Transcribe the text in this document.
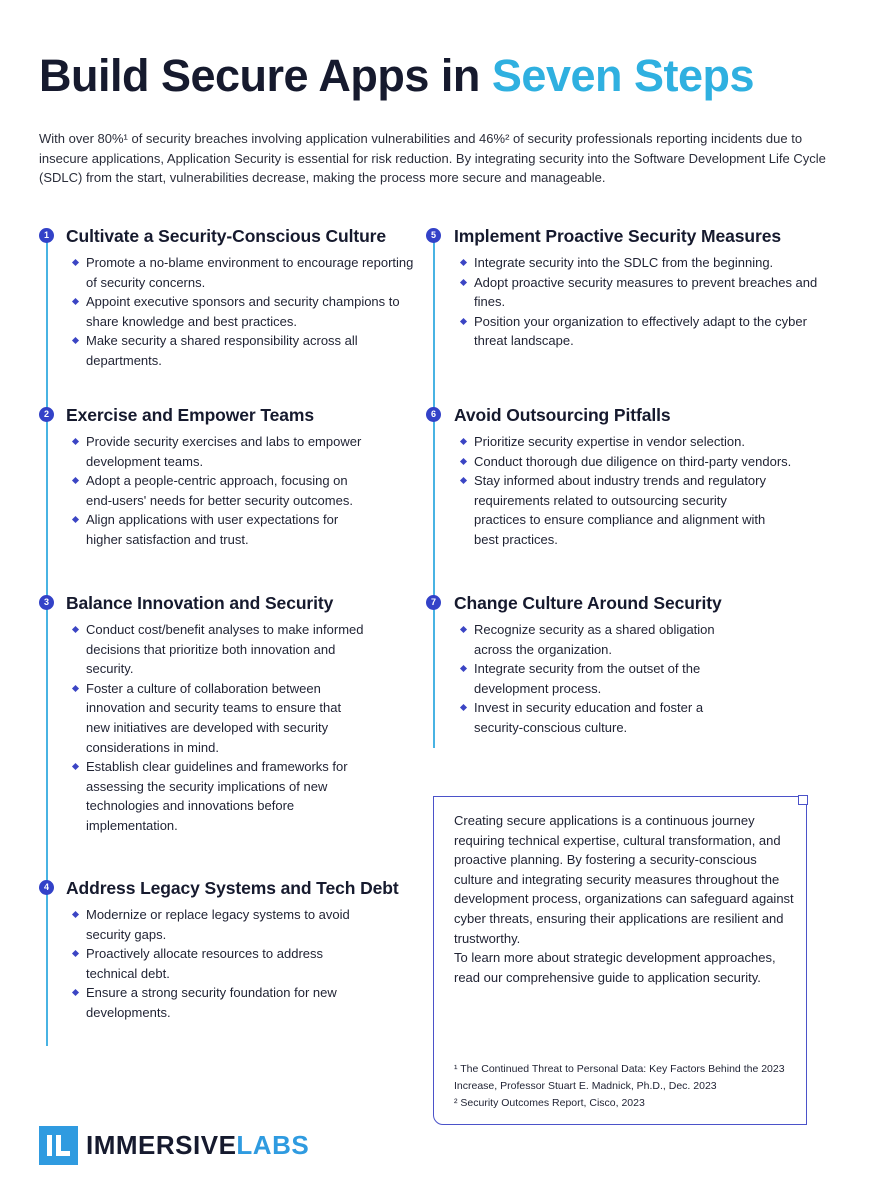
Build Secure Apps in Seven Steps

With over 80%¹ of security breaches involving application vulnerabilities and 46%² of security professionals reporting incidents due to insecure applications, Application Security is essential for risk reduction. By integrating security into the Software Development Life Cycle (SDLC) from the start, vulnerabilities decrease, making the process more secure and manageable.

1 Cultivate a Security-Conscious Culture
Promote a no-blame environment to encourage reporting of security concerns.
Appoint executive sponsors and security champions to share knowledge and best practices.
Make security a shared responsibility across all departments.
2 Exercise and Empower Teams
Provide security exercises and labs to empower development teams.
Adopt a people-centric approach, focusing on end-users' needs for better security outcomes.
Align applications with user expectations for higher satisfaction and trust.
3 Balance Innovation and Security
Conduct cost/benefit analyses to make informed decisions that prioritize both innovation and security.
Foster a culture of collaboration between innovation and security teams to ensure that new initiatives are developed with security considerations in mind.
Establish clear guidelines and frameworks for assessing the security implications of new technologies and innovations before implementation.
4 Address Legacy Systems and Tech Debt
Modernize or replace legacy systems to avoid security gaps.
Proactively allocate resources to address technical debt.
Ensure a strong security foundation for new developments.
5 Implement Proactive Security Measures
Integrate security into the SDLC from the beginning.
Adopt proactive security measures to prevent breaches and fines.
Position your organization to effectively adapt to the cyber threat landscape.
6 Avoid Outsourcing Pitfalls
Prioritize security expertise in vendor selection.
Conduct thorough due diligence on third-party vendors.
Stay informed about industry trends and regulatory requirements related to outsourcing security practices to ensure compliance and alignment with best practices.
7 Change Culture Around Security
Recognize security as a shared obligation across the organization.
Integrate security from the outset of the development process.
Invest in security education and foster a security-conscious culture.

Creating secure applications is a continuous journey requiring technical expertise, cultural transformation, and proactive planning. By fostering a security-conscious culture and integrating security measures throughout the development process, organizations can safeguard against cyber threats, ensuring their applications are resilient and trustworthy.
To learn more about strategic development approaches, read our comprehensive guide to application security.

¹ The Continued Threat to Personal Data: Key Factors Behind the 2023 Increase, Professor Stuart E. Madnick, Ph.D., Dec. 2023
² Security Outcomes Report, Cisco, 2023
IMMERSIVELABS
